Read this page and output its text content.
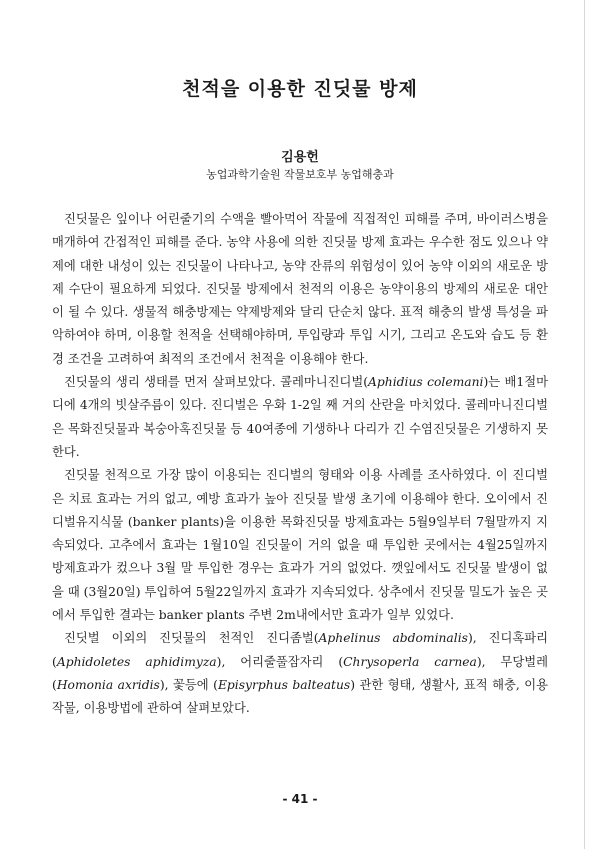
천적을 이용한 진딧물 방제
김용헌
농업과학기술원 작물보호부 농업해충과

진딧물은 잎이나 어린줄기의 수액을 빨아먹어 작물에 직접적인 피해를 주며, 바이러스병을 매개하여 간접적인 피해를 준다. 농약 사용에 의한 진딧물 방제 효과는 우수한 점도 있으나 약제에 대한 내성이 있는 진딧물이 나타나고, 농약 잔류의 위험성이 있어 농약 이외의 새로운 방제 수단이 필요하게 되었다. 진딧물 방제에서 천적의 이용은 농약이용의 방제의 새로운 대안이 될 수 있다. 생물적 해충방제는 약제방제와 달리 단순치 않다. 표적 해충의 발생 특성을 파악하여야 하며, 이용할 천적을 선택해야하며, 투입량과 투입 시기, 그리고 온도와 습도 등 환경 조건을 고려하여 최적의 조건에서 천적을 이용해야 한다.

진딧물의 생리 생태를 먼저 살펴보았다. 콜레마니진디벌(Aphidius colemani)는 배1절마디에 4개의 빗살주름이 있다. 진디벌은 우화 1-2일 째 거의 산란을 마치었다. 콜레마니진디벌은 목화진딧물과 복숭아혹진딧물 등 40여종에 기생하나 다리가 긴 수염진딧물은 기생하지 못한다.

진딧물 천적으로 가장 많이 이용되는 진디벌의 형태와 이용 사례를 조사하였다. 이 진디벌은 치료 효과는 거의 없고, 예방 효과가 높아 진딧물 발생 초기에 이용해야 한다. 오이에서 진디벌유지식물 (banker plants)을 이용한 목화진딧물 방제효과는 5월9일부터 7월말까지 지속되었다. 고추에서 효과는 1월10일 진딧물이 거의 없을 때 투입한 곳에서는 4월25일까지 방제효과가 컸으나 3월 말 투입한 경우는 효과가 거의 없었다. 깻잎에서도 진딧물 발생이 없을 때 (3월20일) 투입하여 5월22일까지 효과가 지속되었다. 상추에서 진딧물 밀도가 높은 곳에서 투입한 결과는 banker plants 주변 2m내에서만 효과가 일부 있었다.

진딧벌 이외의 진딧물의 천적인 진디좀벌(Aphelinus abdominalis), 진디혹파리(Aphidoletes aphidimyza), 어리줄풀잠자리 (Chrysoperla carnea), 무당벌레(Homonia axridis), 꽃등에 (Episyrphus balteatus) 관한 형태, 생활사, 표적 해충, 이용작물, 이용방법에 관하여 살펴보았다.

- 41 -
